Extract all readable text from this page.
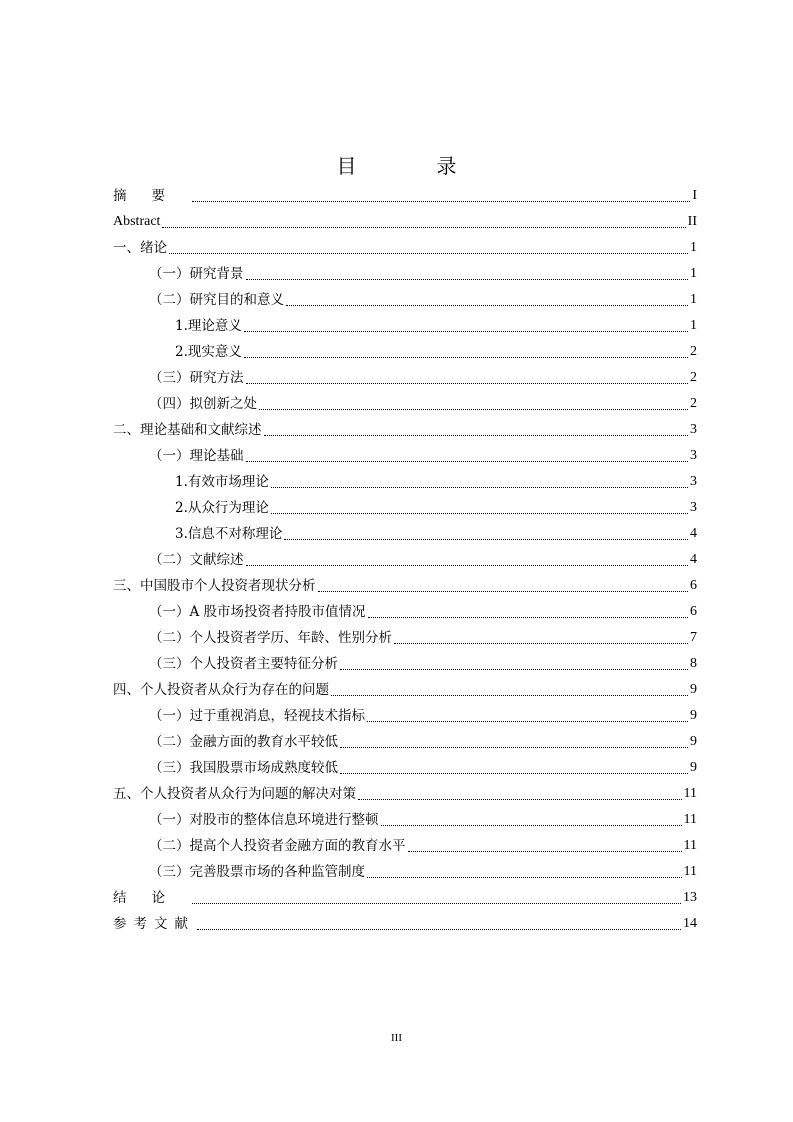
目　录
摘要	I
Abstract	II
一、绪论	1
（一）研究背景	1
（二）研究目的和意义	1
1.理论意义	1
2.现实意义	2
（三）研究方法	2
（四）拟创新之处	2
二、理论基础和文献综述	3
（一）理论基础	3
1.有效市场理论	3
2.从众行为理论	3
3.信息不对称理论	4
（二）文献综述	4
三、中国股市个人投资者现状分析	6
（一）A 股市场投资者持股市值情况	6
（二）个人投资者学历、年龄、性别分析	7
（三）个人投资者主要特征分析	8
四、个人投资者从众行为存在的问题	9
（一）过于重视消息，轻视技术指标	9
（二）金融方面的教育水平较低	9
（三）我国股票市场成熟度较低	9
五、个人投资者从众行为问题的解决对策	11
（一）对股市的整体信息环境进行整顿	11
（二）提高个人投资者金融方面的教育水平	11
（三）完善股票市场的各种监管制度	11
结论	13
参考文献	14
III
